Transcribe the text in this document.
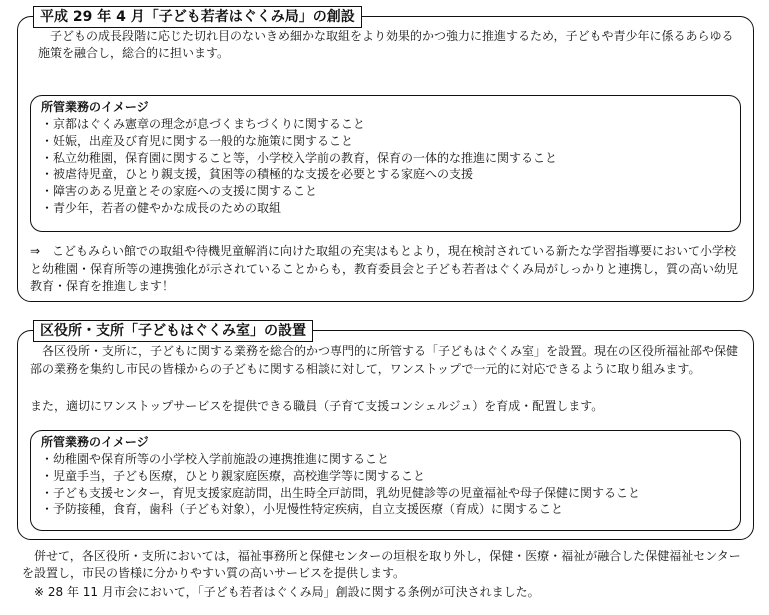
平成 29 年 4 月「子ども若者はぐくみ局」の創設

　子どもの成長段階に応じた切れ目のないきめ細かな取組をより効果的かつ強力に推進するため，子どもや青少年に係るあらゆる施策を融合し，総合的に担います。

所管業務のイメージ
・京都はぐくみ憲章の理念が息づくまちづくりに関すること
・妊娠，出産及び育児に関する一般的な施策に関すること
・私立幼稚園，保育園に関すること等，小学校入学前の教育，保育の一体的な推進に関すること
・被虐待児童，ひとり親支援，貧困等の積極的な支援を必要とする家庭への支援
・障害のある児童とその家庭への支援に関すること
・青少年，若者の健やかな成長のための取組

⇒　こどもみらい館での取組や待機児童解消に向けた取組の充実はもとより，現在検討されている新たな学習指導要において小学校と幼稚園・保育所等の連携強化が示されていることからも，教育委員会と子ども若者はぐくみ局がしっかりと連携し，質の高い幼児教育・保育を推進します！

区役所・支所「子どもはぐくみ室」の設置

　各区役所・支所に，子どもに関する業務を総合的かつ専門的に所管する「子どもはぐくみ室」を設置。現在の区役所福祉部や保健部の業務を集約し市民の皆様からの子どもに関する相談に対して，ワンストップで一元的に対応できるように取り組みます。

また，適切にワンストップサービスを提供できる職員（子育て支援コンシェルジュ）を育成・配置します。

所管業務のイメージ
・幼稚園や保育所等の小学校入学前施設の連携推進に関すること
・児童手当，子ども医療，ひとり親家庭医療，高校進学等に関すること
・子ども支援センター，育児支援家庭訪問，出生時全戸訪問，乳幼児健診等の児童福祉や母子保健に関すること
・予防接種，食育，歯科（子ども対象），小児慢性特定疾病，自立支援医療（育成）に関すること

　併せて，各区役所・支所においては，福祉事務所と保健センターの垣根を取り外し，保健・医療・福祉が融合した保健福祉センターを設置し，市民の皆様に分かりやすい質の高いサービスを提供します。

　※ 28 年 11 月市会において，「子ども若者はぐくみ局」創設に関する条例が可決されました。
